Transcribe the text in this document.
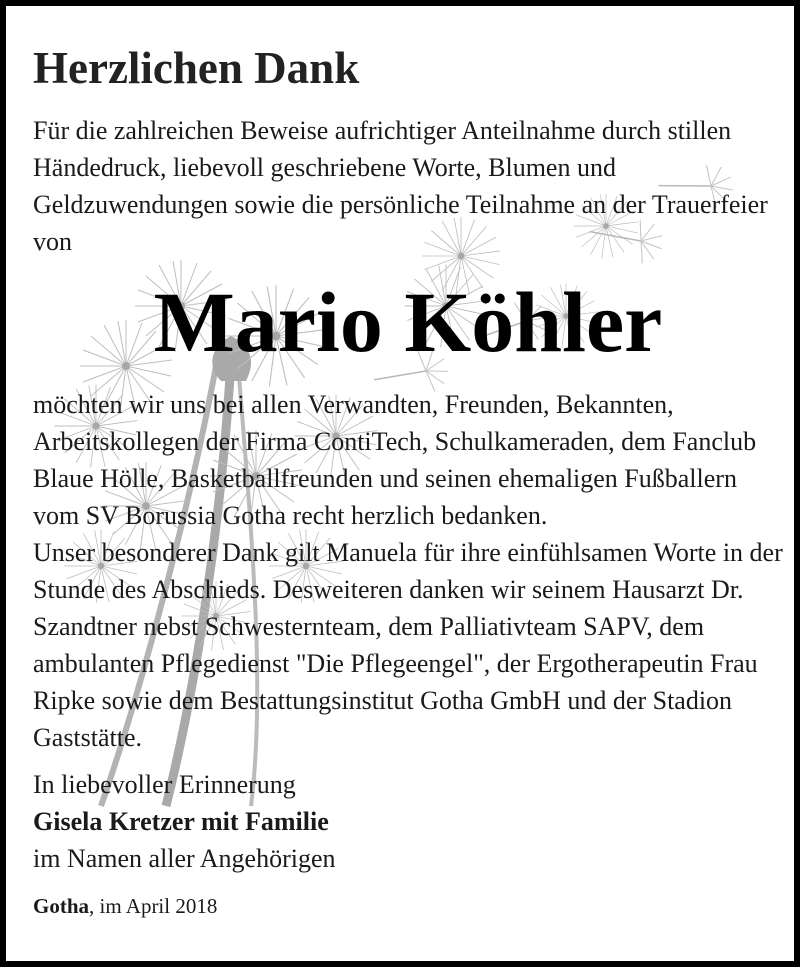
Herzlichen Dank

Für die zahlreichen Beweise aufrichtiger Anteilnahme durch stillen Händedruck, liebevoll geschriebene Worte, Blumen und Geldzuwendungen sowie die persönliche Teilnahme an der Trauerfeier von

Mario Köhler

möchten wir uns bei allen Verwandten, Freunden, Bekannten, Arbeitskollegen der Firma ContiTech, Schulkameraden, dem Fanclub Blaue Hölle, Basketballfreunden und seinen ehemaligen Fußballern vom SV Borussia Gotha recht herzlich bedanken.

Unser besonderer Dank gilt Manuela für ihre einfühlsamen Worte in der Stunde des Abschieds. Desweiteren danken wir seinem Hausarzt Dr. Szandtner nebst Schwesternteam, dem Palliativteam SAPV, dem ambulanten Pflegedienst "Die Pflegeengel", der Ergotherapeutin Frau Ripke sowie dem Bestattungsinstitut Gotha GmbH und der Stadion Gaststätte.

In liebevoller Erinnerung

Gisela Kretzer mit Familie

im Namen aller Angehörigen

Gotha, im April 2018
